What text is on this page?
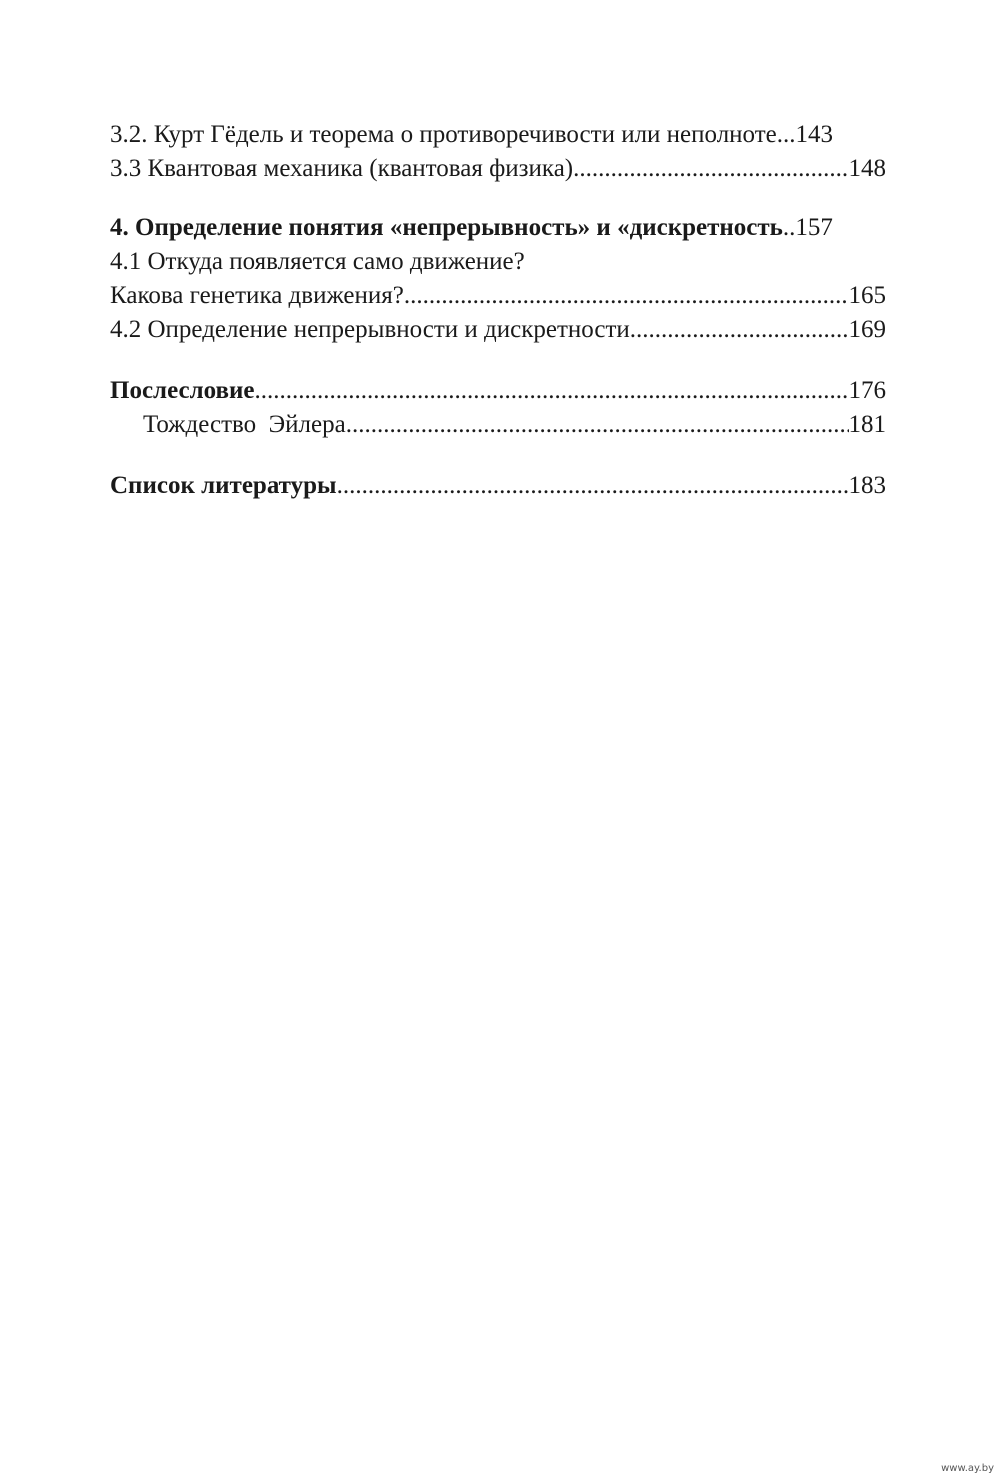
3.2. Курт Гёдель и теорема о противоречивости или неполноте ... 143
3.3 Квантовая механика (квантовая физика) .....	148
4. Определение понятия «непрерывность» и «дискретность .. 157
4.1 Откуда появляется само движение?
Какова генетика движения? .....	165
4.2 Определение непрерывности и дискретности .....	169
Послесловие .....	176
Тождество  Эйлера .....	181
Список литературы .....	183
www.ay.by
